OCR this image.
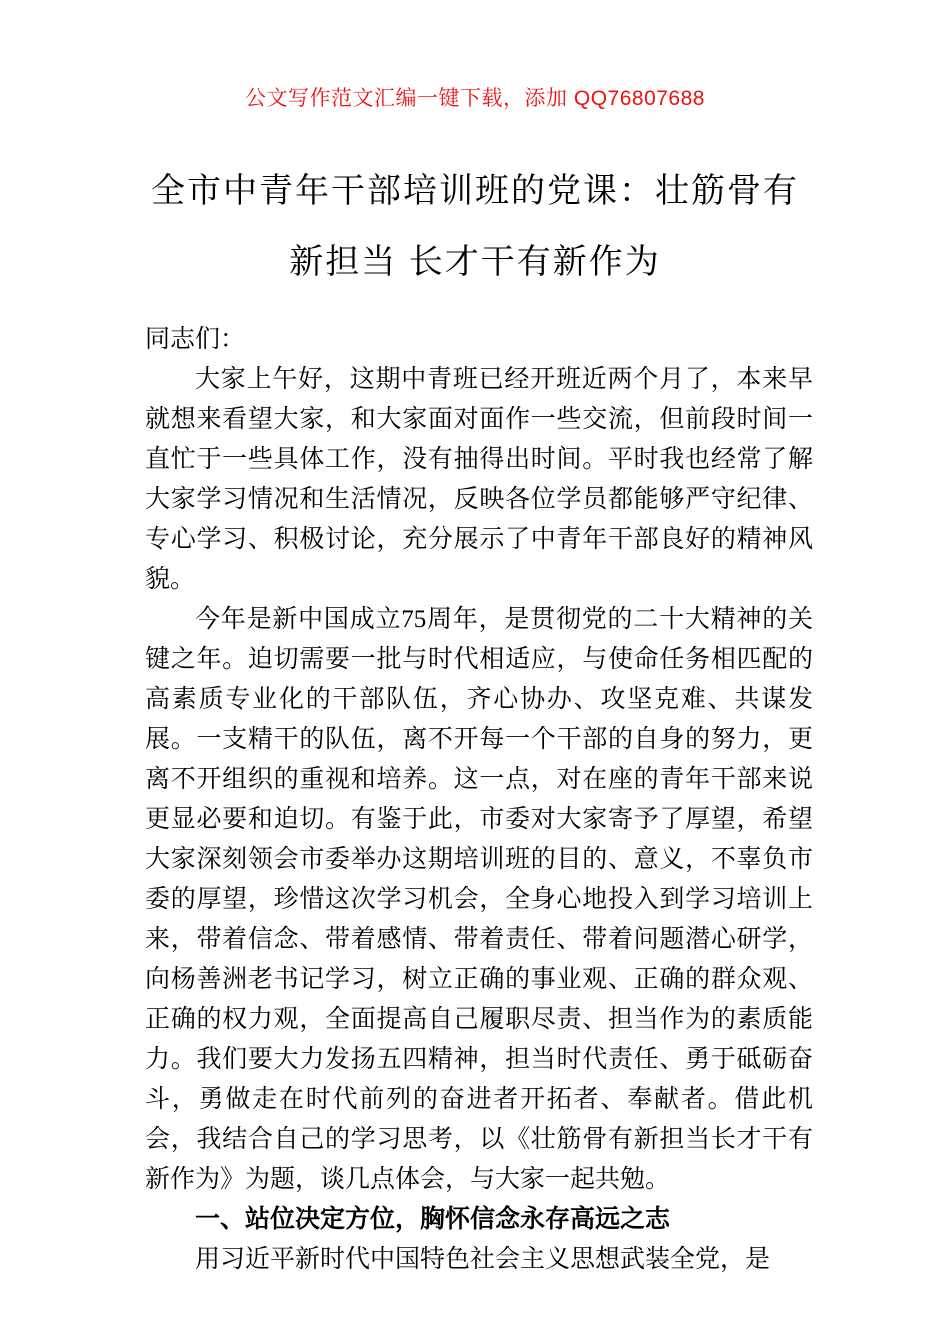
公文写作范文汇编一键下载，添加 QQ76807688
全市中青年干部培训班的党课：壮筋骨有
新担当 长才干有新作为

同志们：

大家上午好，这期中青班已经开班近两个月了，本来早就想来看望大家，和大家面对面作一些交流，但前段时间一直忙于一些具体工作，没有抽得出时间。平时我也经常了解大家学习情况和生活情况，反映各位学员都能够严守纪律、专心学习、积极讨论，充分展示了中青年干部良好的精神风貌。

今年是新中国成立75周年，是贯彻党的二十大精神的关键之年。迫切需要一批与时代相适应，与使命任务相匹配的高素质专业化的干部队伍，齐心协办、攻坚克难、共谋发展。一支精干的队伍，离不开每一个干部的自身的努力，更离不开组织的重视和培养。这一点，对在座的青年干部来说更显必要和迫切。有鉴于此，市委对大家寄予了厚望，希望大家深刻领会市委举办这期培训班的目的、意义，不辜负市委的厚望，珍惜这次学习机会，全身心地投入到学习培训上来，带着信念、带着感情、带着责任、带着问题潜心研学，向杨善洲老书记学习，树立正确的事业观、正确的群众观、正确的权力观，全面提高自己履职尽责、担当作为的素质能力。我们要大力发扬五四精神，担当时代责任、勇于砥砺奋斗，勇做走在时代前列的奋进者开拓者、奉献者。借此机会，我结合自己的学习思考，以《壮筋骨有新担当长才干有新作为》为题，谈几点体会，与大家一起共勉。

一、站位决定方位，胸怀信念永存高远之志

用习近平新时代中国特色社会主义思想武装全党，是
